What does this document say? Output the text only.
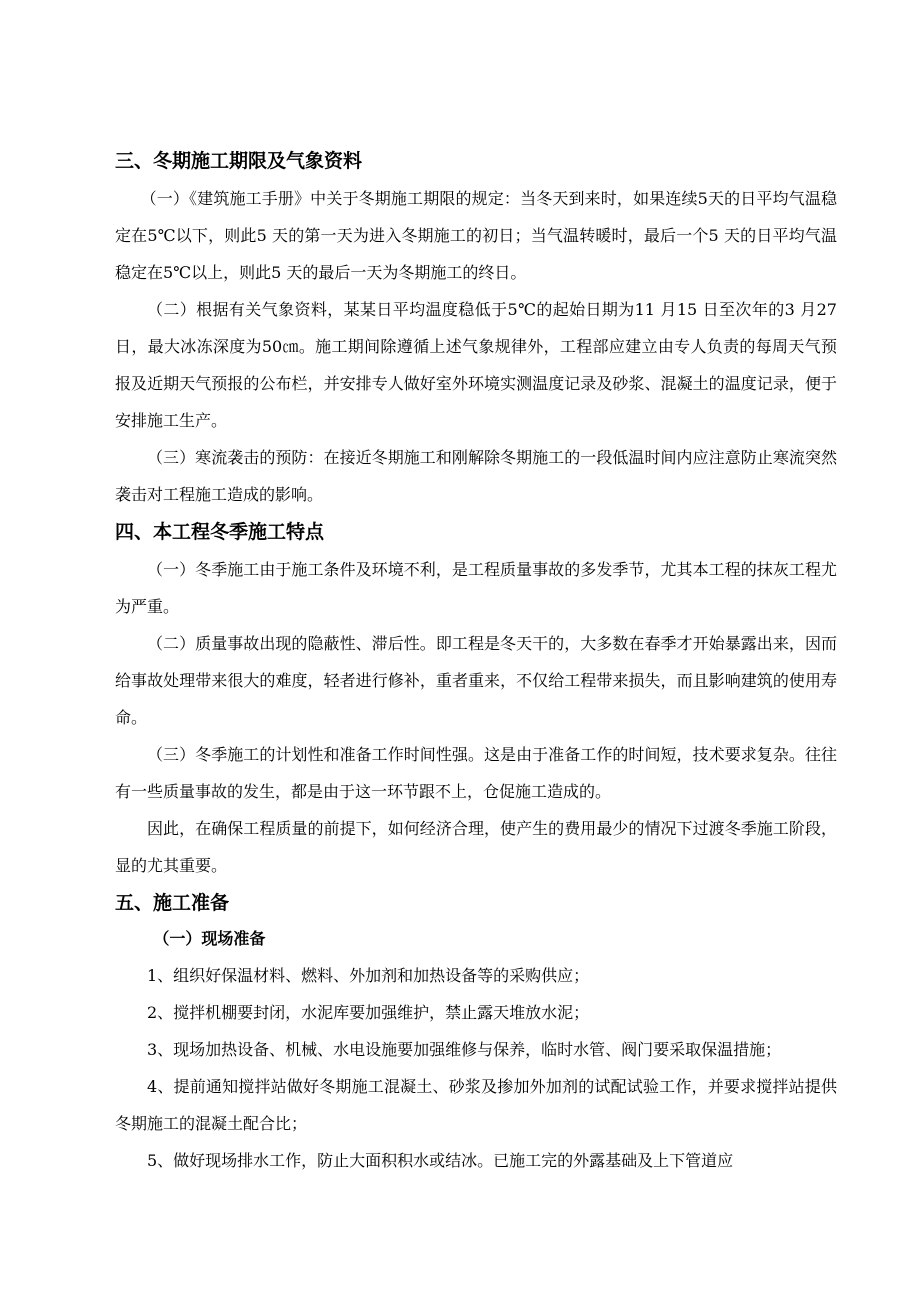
三、冬期施工期限及气象资料

（一）《建筑施工手册》中关于冬期施工期限的规定：当冬天到来时，如果连续5天的日平均气温稳定在5℃以下，则此5 天的第一天为进入冬期施工的初日；当气温转暖时，最后一个5 天的日平均气温稳定在5℃以上，则此5 天的最后一天为冬期施工的终日。

（二）根据有关气象资料，某某日平均温度稳低于5℃的起始日期为11 月15 日至次年的3 月27 日，最大冰冻深度为50㎝。施工期间除遵循上述气象规律外，工程部应建立由专人负责的每周天气预报及近期天气预报的公布栏，并安排专人做好室外环境实测温度记录及砂浆、混凝土的温度记录，便于安排施工生产。

（三）寒流袭击的预防：在接近冬期施工和刚解除冬期施工的一段低温时间内应注意防止寒流突然袭击对工程施工造成的影响。

四、本工程冬季施工特点

（一）冬季施工由于施工条件及环境不利，是工程质量事故的多发季节，尤其本工程的抹灰工程尤为严重。

（二）质量事故出现的隐蔽性、滞后性。即工程是冬天干的，大多数在春季才开始暴露出来，因而给事故处理带来很大的难度，轻者进行修补，重者重来，不仅给工程带来损失，而且影响建筑的使用寿命。

（三）冬季施工的计划性和准备工作时间性强。这是由于准备工作的时间短，技术要求复杂。往往有一些质量事故的发生，都是由于这一环节跟不上，仓促施工造成的。

因此，在确保工程质量的前提下，如何经济合理，使产生的费用最少的情况下过渡冬季施工阶段，显的尤其重要。

五、施工准备

（一）现场准备

1、组织好保温材料、燃料、外加剂和加热设备等的采购供应；

2、搅拌机棚要封闭，水泥库要加强维护，禁止露天堆放水泥；

3、现场加热设备、机械、水电设施要加强维修与保养，临时水管、阀门要采取保温措施；

4、提前通知搅拌站做好冬期施工混凝土、砂浆及掺加外加剂的试配试验工作，并要求搅拌站提供冬期施工的混凝土配合比；

5、做好现场排水工作，防止大面积积水或结冰。已施工完的外露基础及上下管道应
